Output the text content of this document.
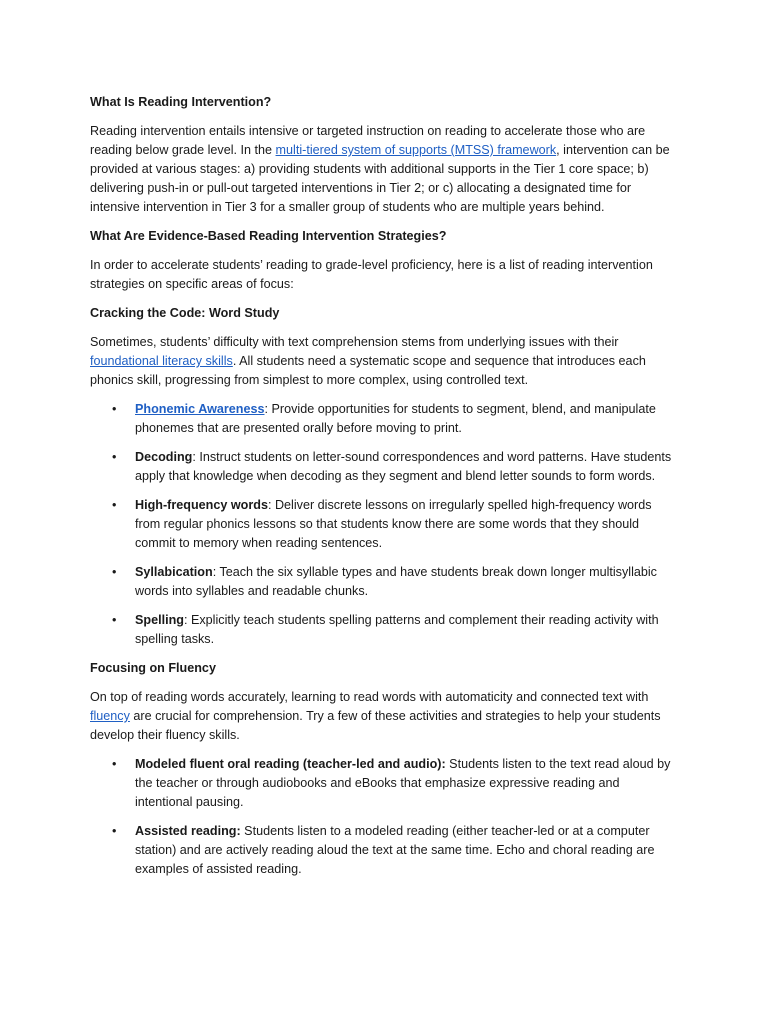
What Is Reading Intervention?

Reading intervention entails intensive or targeted instruction on reading to accelerate those who are reading below grade level. In the multi-tiered system of supports (MTSS) framework, intervention can be provided at various stages: a) providing students with additional supports in the Tier 1 core space; b) delivering push-in or pull-out targeted interventions in Tier 2; or c) allocating a designated time for intensive intervention in Tier 3 for a smaller group of students who are multiple years behind.

What Are Evidence-Based Reading Intervention Strategies?

In order to accelerate students’ reading to grade-level proficiency, here is a list of reading intervention strategies on specific areas of focus:

Cracking the Code: Word Study

Sometimes, students’ difficulty with text comprehension stems from underlying issues with their foundational literacy skills. All students need a systematic scope and sequence that introduces each phonics skill, progressing from simplest to more complex, using controlled text.

• Phonemic Awareness: Provide opportunities for students to segment, blend, and manipulate phonemes that are presented orally before moving to print.
• Decoding: Instruct students on letter-sound correspondences and word patterns. Have students apply that knowledge when decoding as they segment and blend letter sounds to form words.
• High-frequency words: Deliver discrete lessons on irregularly spelled high-frequency words from regular phonics lessons so that students know there are some words that they should commit to memory when reading sentences.
• Syllabication: Teach the six syllable types and have students break down longer multisyllabic words into syllables and readable chunks.
• Spelling: Explicitly teach students spelling patterns and complement their reading activity with spelling tasks.

Focusing on Fluency

On top of reading words accurately, learning to read words with automaticity and connected text with fluency are crucial for comprehension. Try a few of these activities and strategies to help your students develop their fluency skills.

• Modeled fluent oral reading (teacher-led and audio): Students listen to the text read aloud by the teacher or through audiobooks and eBooks that emphasize expressive reading and intentional pausing.
• Assisted reading: Students listen to a modeled reading (either teacher-led or at a computer station) and are actively reading aloud the text at the same time. Echo and choral reading are examples of assisted reading.
